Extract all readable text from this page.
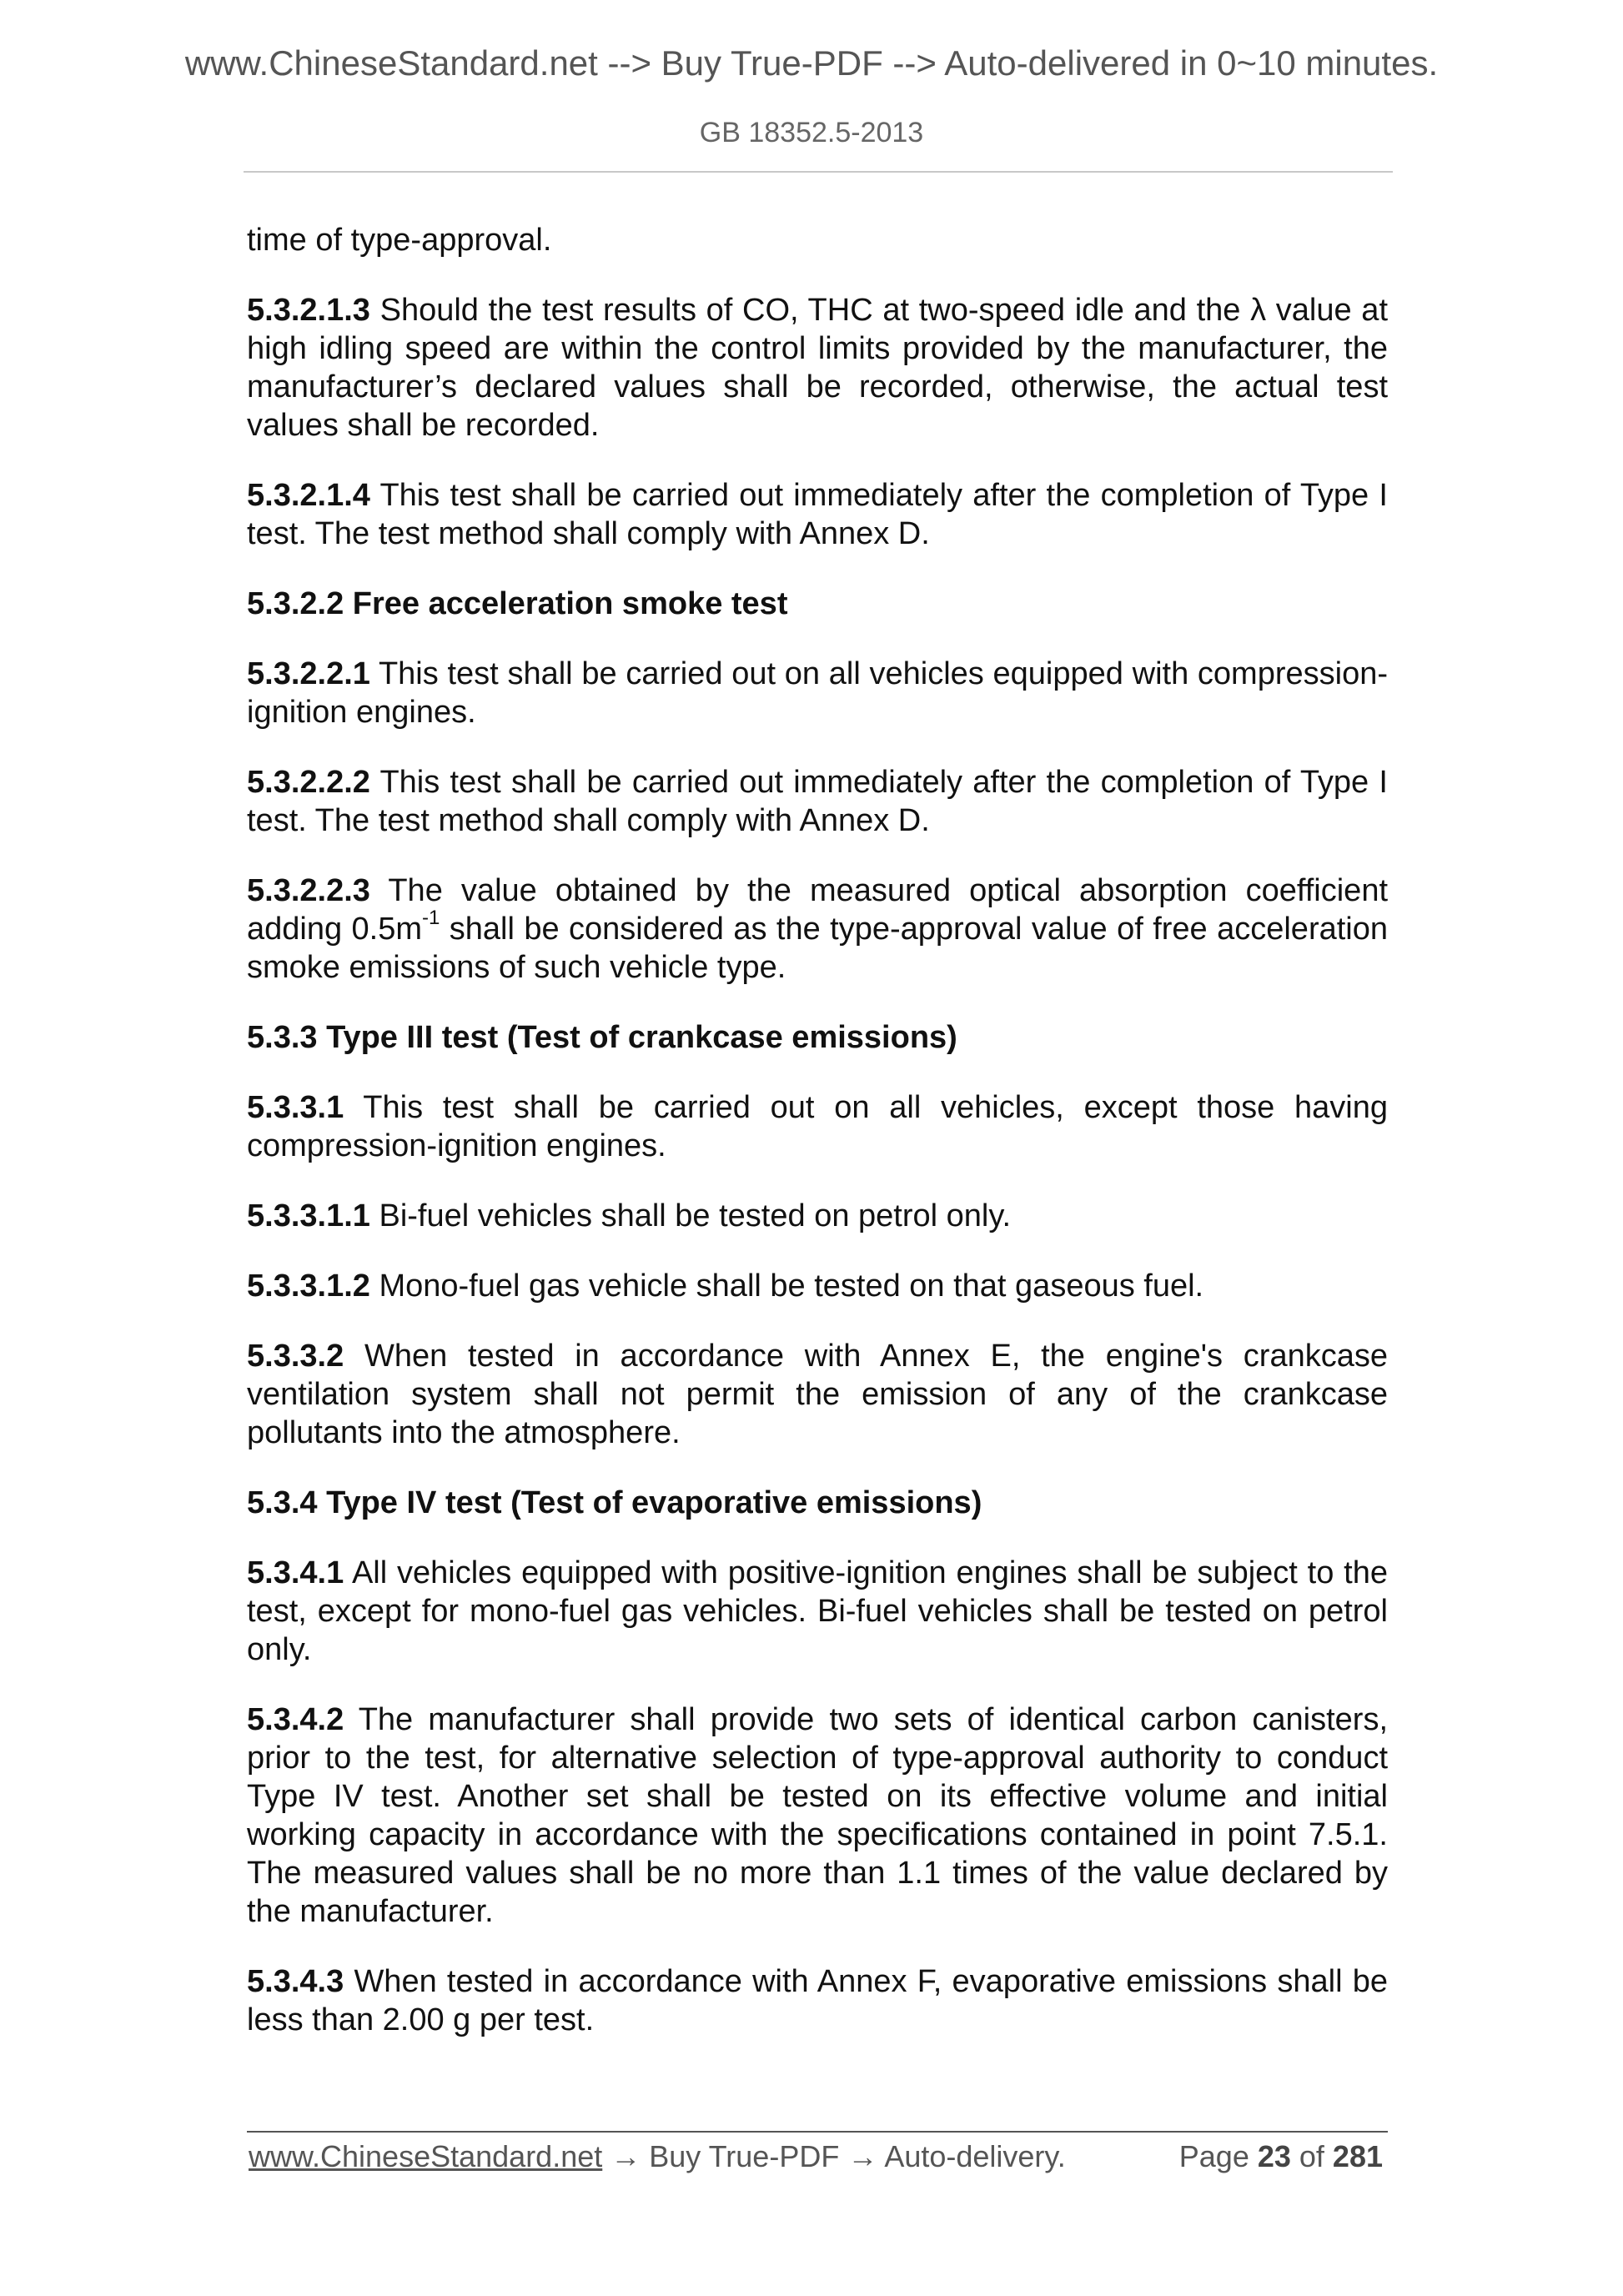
www.ChineseStandard.net --> Buy True-PDF --> Auto-delivered in 0~10 minutes.
GB 18352.5-2013

time of type-approval.

5.3.2.1.3 Should the test results of CO, THC at two-speed idle and the λ value at high idling speed are within the control limits provided by the manufacturer, the manufacturer’s declared values shall be recorded, otherwise, the actual test values shall be recorded.

5.3.2.1.4 This test shall be carried out immediately after the completion of Type I test. The test method shall comply with Annex D.

5.3.2.2 Free acceleration smoke test

5.3.2.2.1 This test shall be carried out on all vehicles equipped with compression-ignition engines.

5.3.2.2.2 This test shall be carried out immediately after the completion of Type I test. The test method shall comply with Annex D.

5.3.2.2.3 The value obtained by the measured optical absorption coefficient adding $0.5m^{-1}$ shall be considered as the type-approval value of free acceleration smoke emissions of such vehicle type.

5.3.3 Type III test (Test of crankcase emissions)

5.3.3.1 This test shall be carried out on all vehicles, except those having compression-ignition engines.

5.3.3.1.1 Bi-fuel vehicles shall be tested on petrol only.

5.3.3.1.2 Mono-fuel gas vehicle shall be tested on that gaseous fuel.

5.3.3.2 When tested in accordance with Annex E, the engine's crankcase ventilation system shall not permit the emission of any of the crankcase pollutants into the atmosphere.

5.3.4 Type IV test (Test of evaporative emissions)

5.3.4.1 All vehicles equipped with positive-ignition engines shall be subject to the test, except for mono-fuel gas vehicles. Bi-fuel vehicles shall be tested on petrol only.

5.3.4.2 The manufacturer shall provide two sets of identical carbon canisters, prior to the test, for alternative selection of type-approval authority to conduct Type IV test. Another set shall be tested on its effective volume and initial working capacity in accordance with the specifications contained in point 7.5.1. The measured values shall be no more than 1.1 times of the value declared by the manufacturer.

5.3.4.3 When tested in accordance with Annex F, evaporative emissions shall be less than 2.00 g per test.

www.ChineseStandard.net → Buy True-PDF → Auto-delivery.	Page 23 of 281
